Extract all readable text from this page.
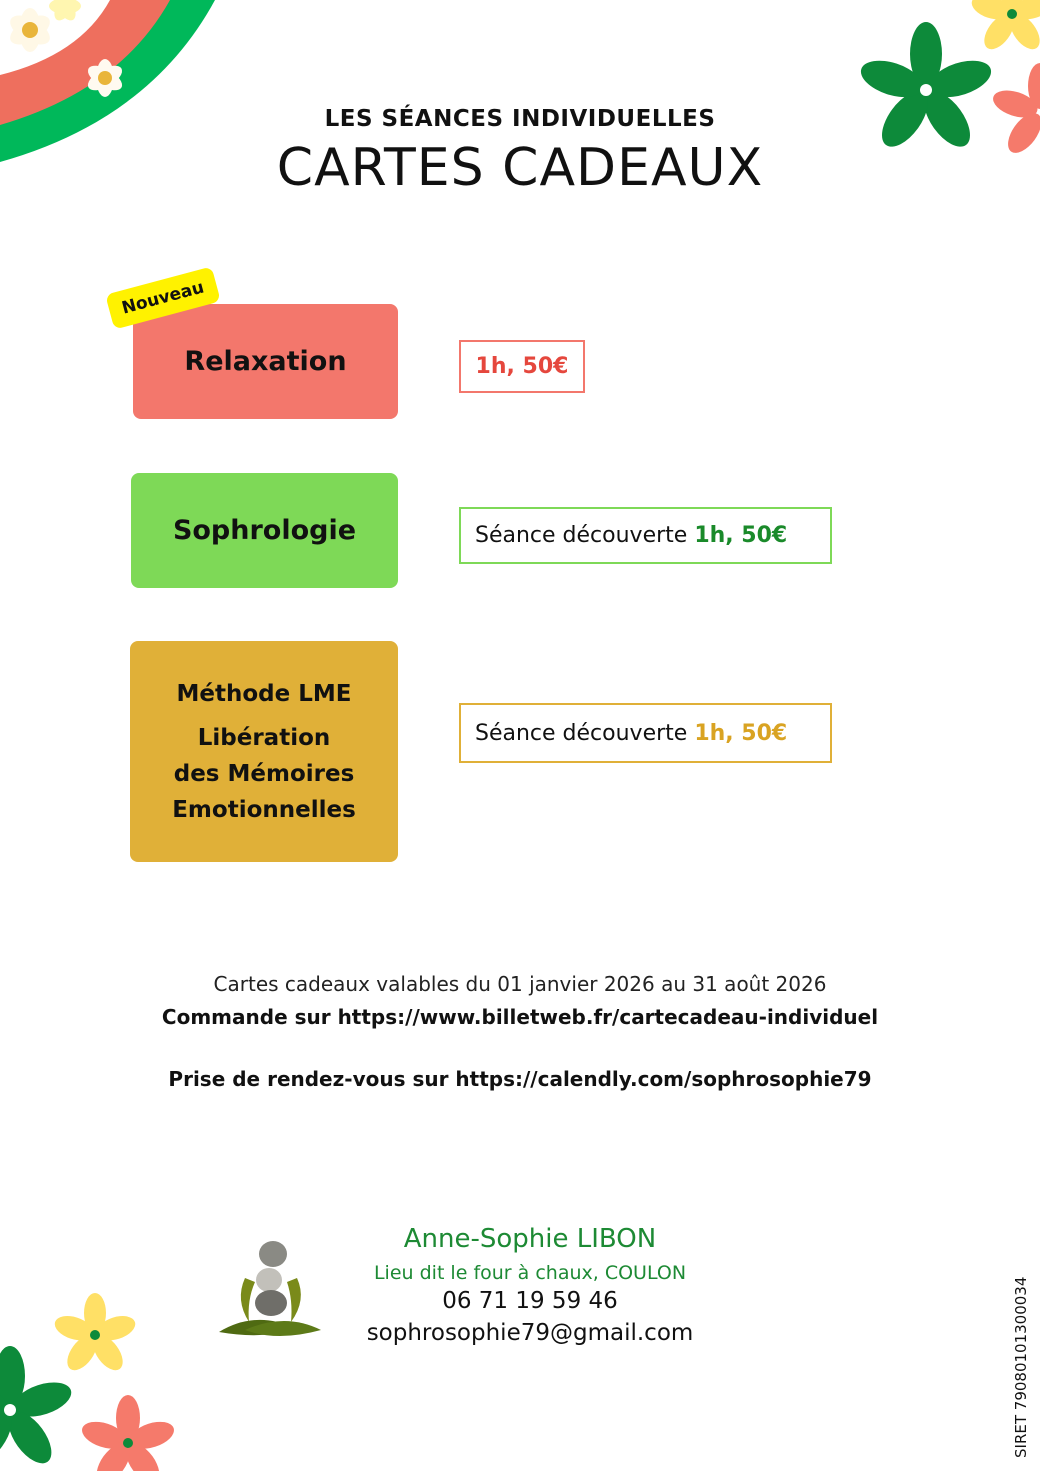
LES SÉANCES INDIVIDUELLES
CARTES CADEAUX
Relaxation
Nouveau
1h, 50€
Sophrologie	Séance découverte 1h, 50€
Méthode LME
Libération
des Mémoires
Emotionnelles
Séance découverte 1h, 50€
Cartes cadeaux valables du 01 janvier 2026 au 31 août 2026
Commande sur https://www.billetweb.fr/cartecadeau-individuel
Prise de rendez-vous sur https://calendly.com/sophrosophie79
Anne-Sophie LIBON
Lieu dit le four à chaux, COULON
06 71 19 59 46
sophrosophie79@gmail.com	SIRET 79080101300034
